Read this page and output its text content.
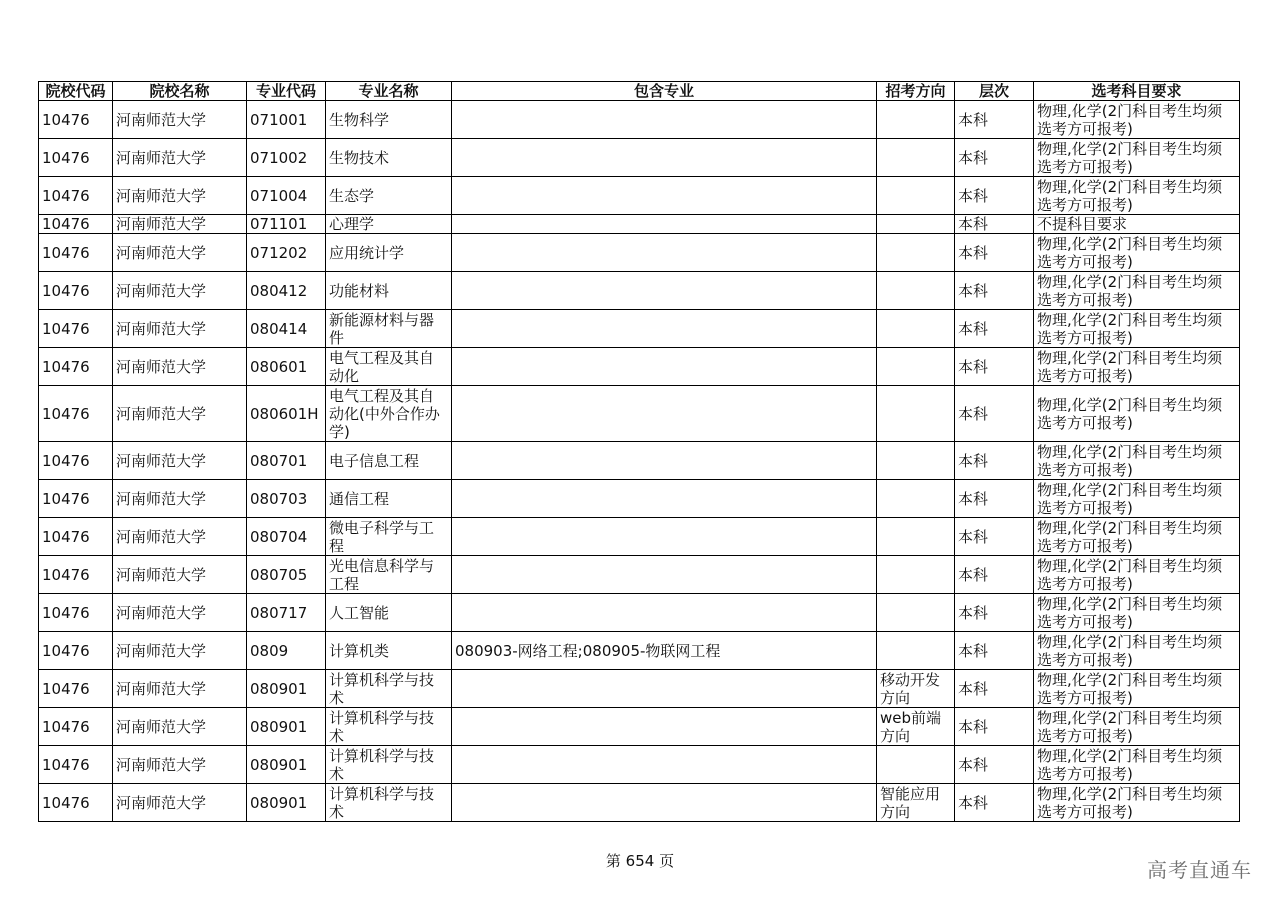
院校代码	院校名称	专业代码	专业名称	包含专业	招考方向	层次	选考科目要求
10476	河南师范大学	071001	生物科学			本科	物理,化学(2门科目考生均须选考方可报考)
10476	河南师范大学	071002	生物技术			本科	物理,化学(2门科目考生均须选考方可报考)
10476	河南师范大学	071004	生态学			本科	物理,化学(2门科目考生均须选考方可报考)
10476	河南师范大学	071101	心理学			本科	不提科目要求
10476	河南师范大学	071202	应用统计学			本科	物理,化学(2门科目考生均须选考方可报考)
10476	河南师范大学	080412	功能材料			本科	物理,化学(2门科目考生均须选考方可报考)
10476	河南师范大学	080414	新能源材料与器件			本科	物理,化学(2门科目考生均须选考方可报考)
10476	河南师范大学	080601	电气工程及其自动化			本科	物理,化学(2门科目考生均须选考方可报考)
10476	河南师范大学	080601H	电气工程及其自动化(中外合作办学)			本科	物理,化学(2门科目考生均须选考方可报考)
10476	河南师范大学	080701	电子信息工程			本科	物理,化学(2门科目考生均须选考方可报考)
10476	河南师范大学	080703	通信工程			本科	物理,化学(2门科目考生均须选考方可报考)
10476	河南师范大学	080704	微电子科学与工程			本科	物理,化学(2门科目考生均须选考方可报考)
10476	河南师范大学	080705	光电信息科学与工程			本科	物理,化学(2门科目考生均须选考方可报考)
10476	河南师范大学	080717	人工智能			本科	物理,化学(2门科目考生均须选考方可报考)
10476	河南师范大学	0809	计算机类	080903-网络工程;080905-物联网工程		本科	物理,化学(2门科目考生均须选考方可报考)
10476	河南师范大学	080901	计算机科学与技术		移动开发方向	本科	物理,化学(2门科目考生均须选考方可报考)
10476	河南师范大学	080901	计算机科学与技术		web前端方向	本科	物理,化学(2门科目考生均须选考方可报考)
10476	河南师范大学	080901	计算机科学与技术			本科	物理,化学(2门科目考生均须选考方可报考)
10476	河南师范大学	080901	计算机科学与技术		智能应用方向	本科	物理,化学(2门科目考生均须选考方可报考)
第 654 页	高考直通车
